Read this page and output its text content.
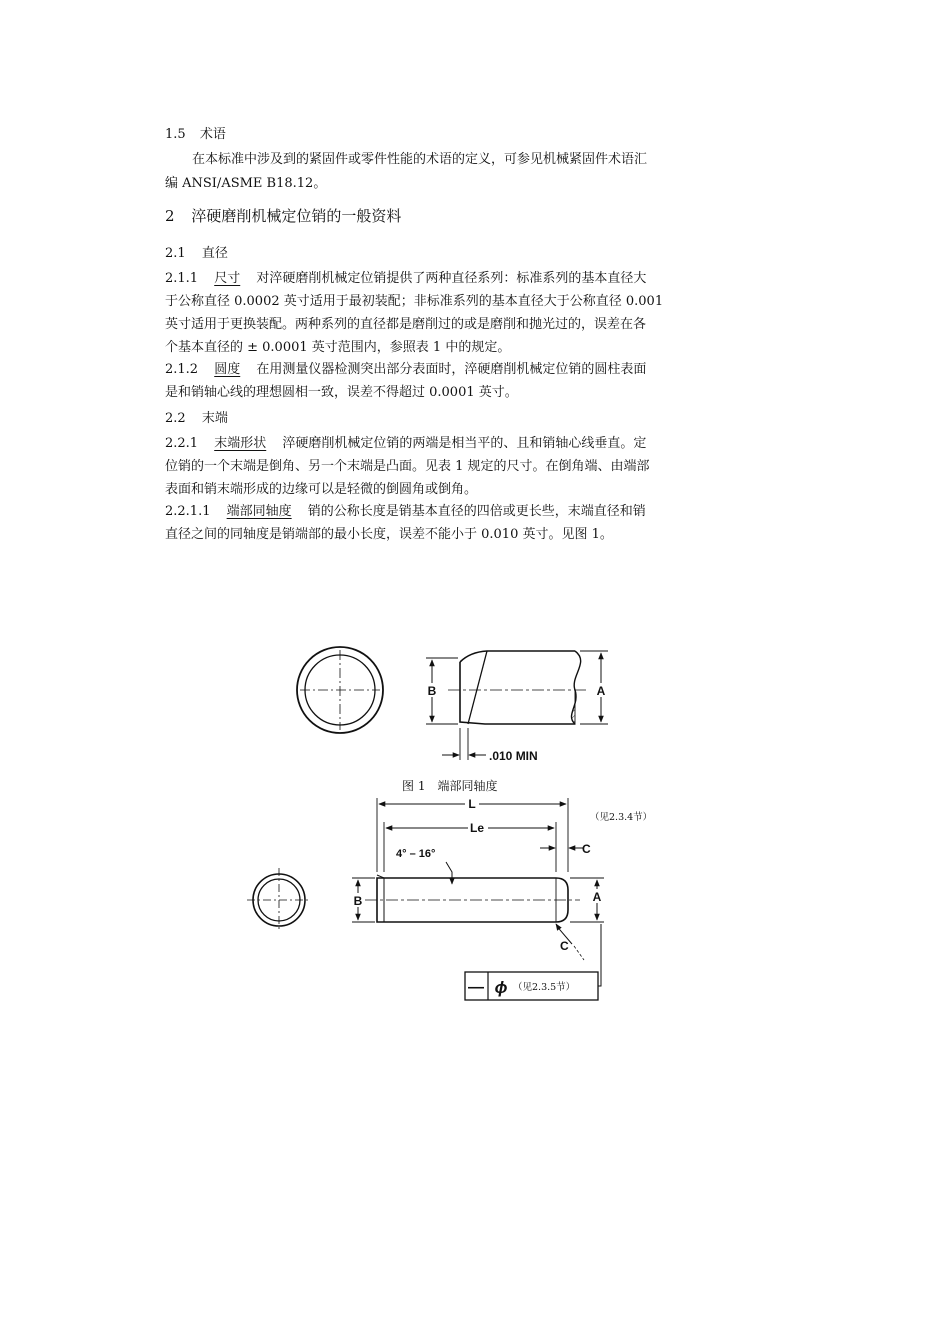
1.5 术语
在本标准中涉及到的紧固件或零件性能的术语的定义，可参见机械紧固件术语汇
编 ANSI/ASME B18.12。
2 淬硬磨削机械定位销的一般资料
2.1 直径
2.1.1 尺寸 对淬硬磨削机械定位销提供了两种直径系列：标准系列的基本直径大
于公称直径 0.0002 英寸适用于最初装配；非标准系列的基本直径大于公称直径 0.001
英寸适用于更换装配。两种系列的直径都是磨削过的或是磨削和抛光过的，误差在各
个基本直径的 ± 0.0001 英寸范围内，参照表 1 中的规定。
2.1.2 圆度 在用测量仪器检测突出部分表面时，淬硬磨削机械定位销的圆柱表面
是和销轴心线的理想圆相一致，误差不得超过 0.0001 英寸。
2.2 末端
2.2.1 末端形状 淬硬磨削机械定位销的两端是相当平的、且和销轴心线垂直。定
位销的一个末端是倒角、另一个末端是凸面。见表 1 规定的尺寸。在倒角端、由端部
表面和销末端形成的边缘可以是轻微的倒圆角或倒角。
2.2.1.1 端部同轴度 销的公称长度是销基本直径的四倍或更长些，末端直径和销
直径之间的同轴度是销端部的最小长度，误差不能小于 0.010 英寸。见图 1。
B	A
.010 MIN
图 1　端部同轴度
L
Le
（见2.3.4节）
C
4° – 16°
B	A
C
— ϕ （见2.3.5节）
